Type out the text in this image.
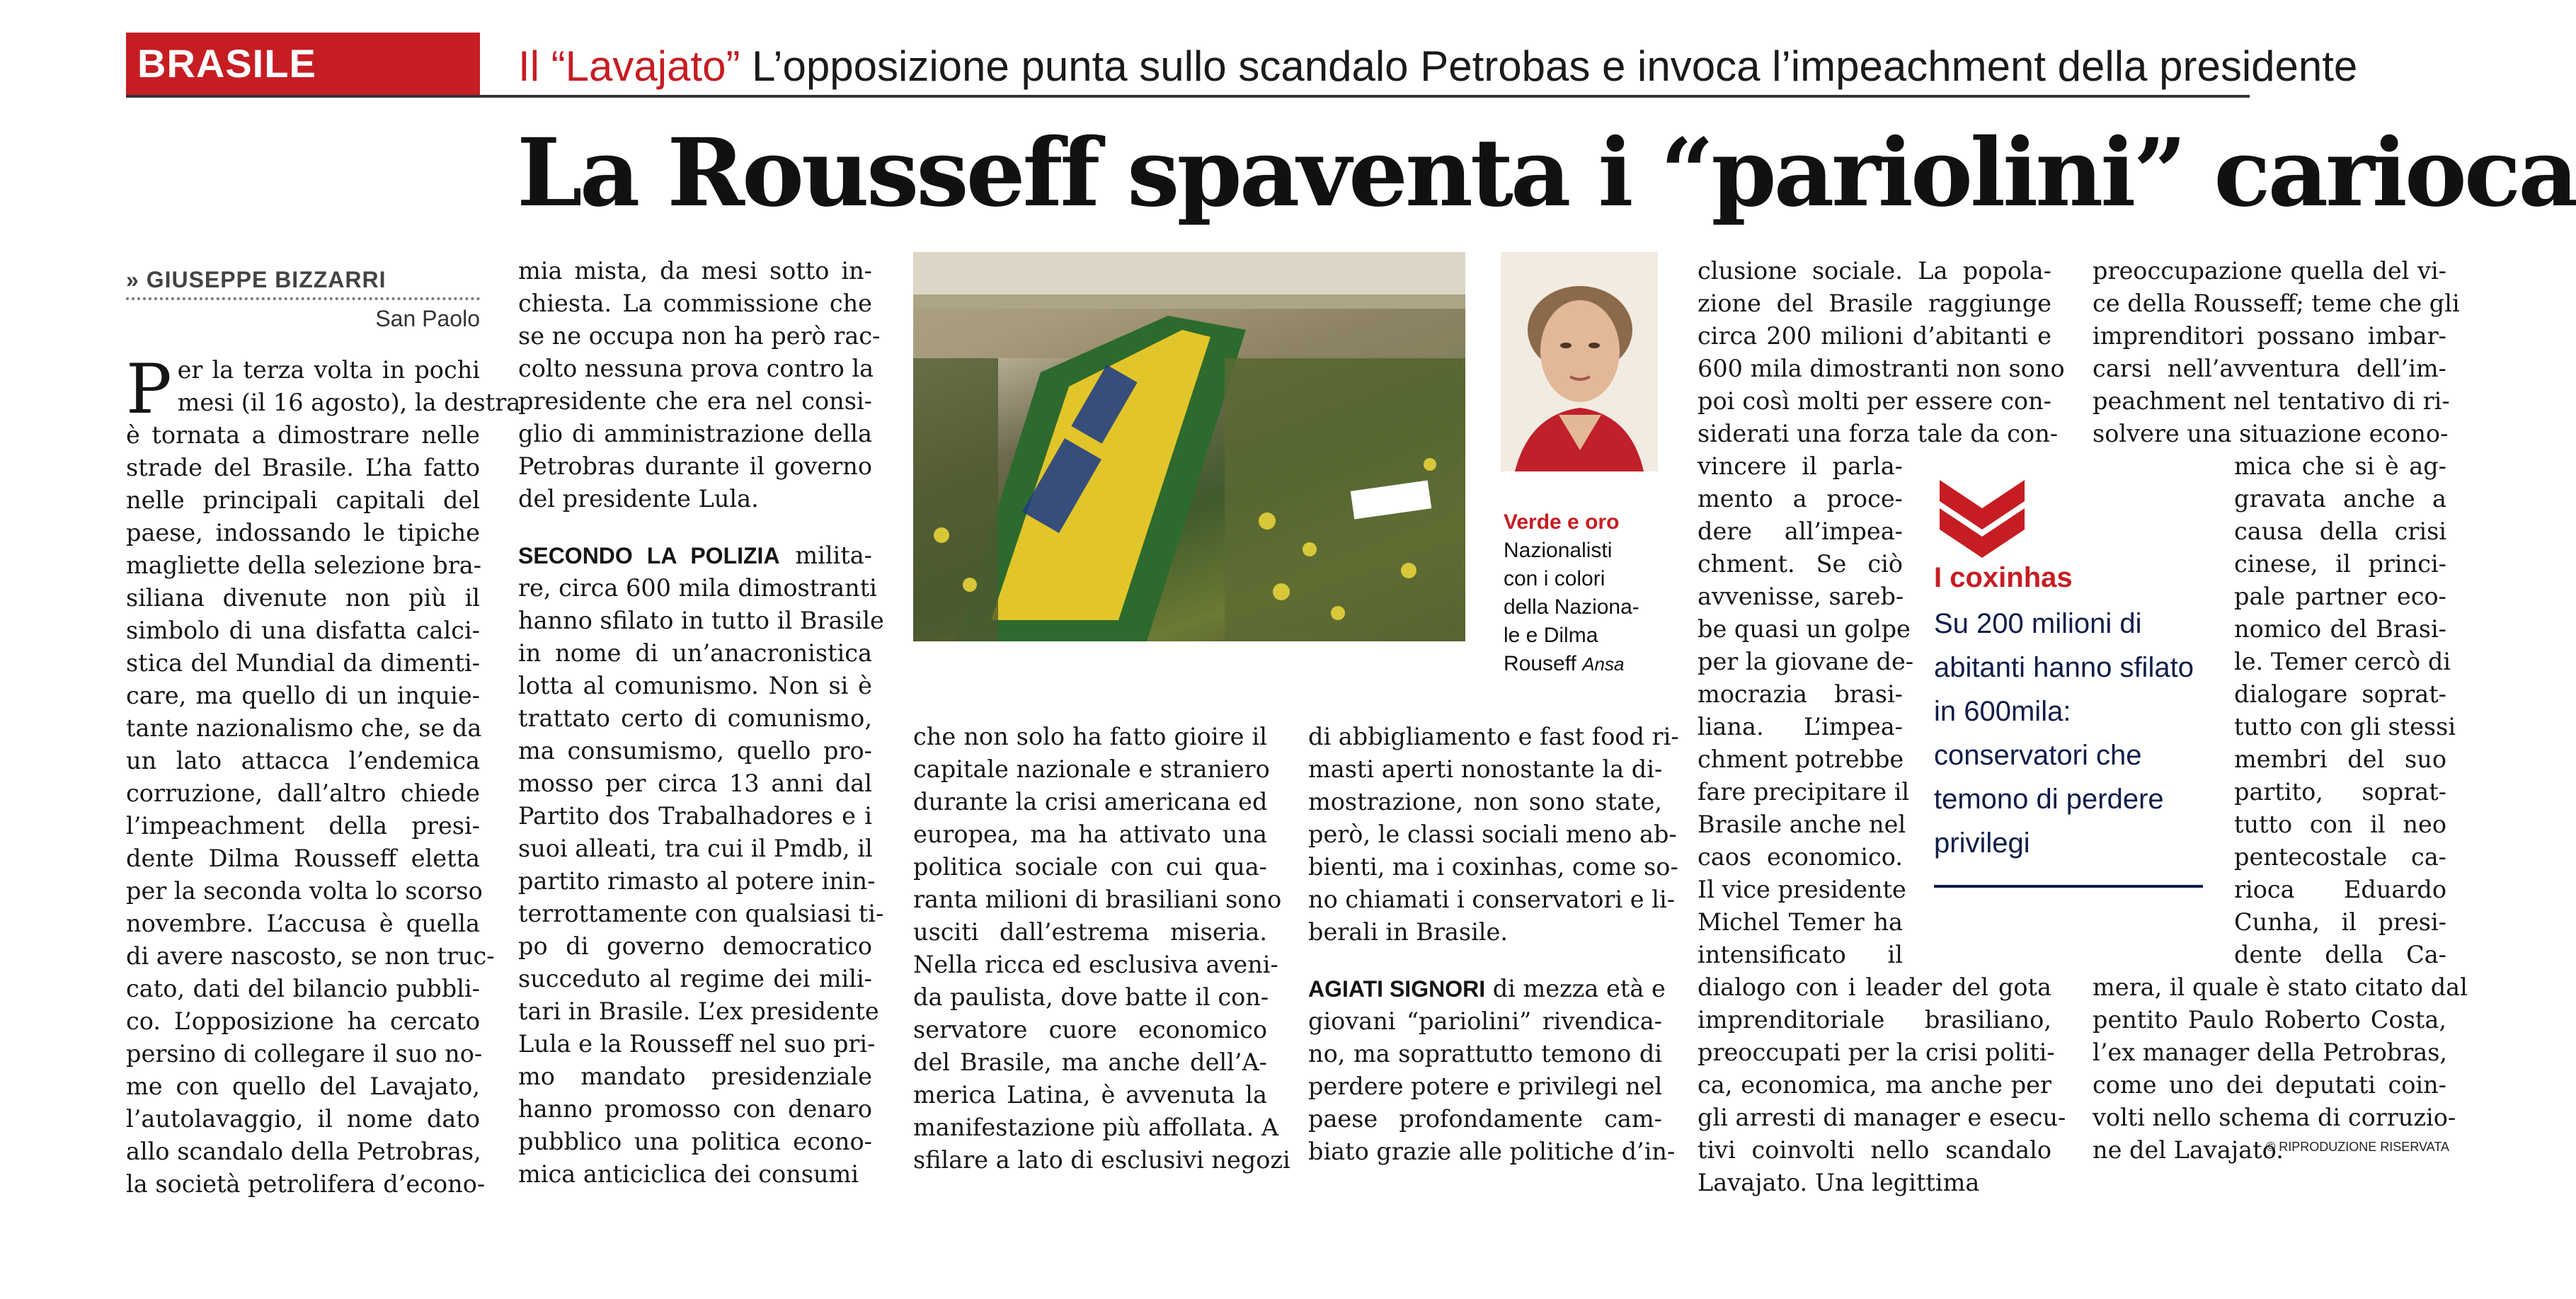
BRASILE	Il “Lavajato” L’opposizione punta sullo scandalo Petrobas e invoca l’impeachment della presidente
La Rousseff spaventa i “pariolini” carioca
» GIUSEPPE BIZZARRI
San Paolo
P er la terza volta in pochi
mesi (il 16 agosto), la destra
è tornata a dimostrare nelle
strade del Brasile. L’ha fatto
nelle principali capitali del
paese, indossando le tipiche
magliette della selezione bra-
siliana divenute non più il
simbolo di una disfatta calci-
stica del Mundial da dimenti-
care, ma quello di un inquie-
tante nazionalismo che, se da
un lato attacca l’endemica
corruzione, dall’altro chiede
l’impeachment della presi-
dente Dilma Rousseff eletta
per la seconda volta lo scorso
novembre. L’accusa è quella
di avere nascosto, se non truc-
cato, dati del bilancio pubbli-
co. L’opposizione ha cercato
persino di collegare il suo no-
me con quello del Lavajato,
l’autolavaggio, il nome dato
allo scandalo della Petrobras,
la società petrolifera d’econo-
mia mista, da mesi sotto in-
chiesta. La commissione che
se ne occupa non ha però rac-
colto nessuna prova contro la
presidente che era nel consi-
glio di amministrazione della
Petrobras durante il governo
del presidente Lula.
SECONDO LA POLIZIA milita-
re, circa 600 mila dimostranti
hanno sfilato in tutto il Brasile
in nome di un’anacronistica
lotta al comunismo. Non si è
trattato certo di comunismo,
ma consumismo, quello pro-
mosso per circa 13 anni dal
Partito dos Trabalhadores e i
suoi alleati, tra cui il Pmdb, il
partito rimasto al potere inin-
terrottamente con qualsiasi ti-
po di governo democratico
succeduto al regime dei mili-
tari in Brasile. L’ex presidente
Lula e la Rousseff nel suo pri-
mo mandato presidenziale
hanno promosso con denaro
pubblico una politica econo-
mica anticiclica dei consumi
Verde e oro
Nazionalisti
con i colori
della Naziona-
le e Dilma
Rouseff Ansa
che non solo ha fatto gioire il
capitale nazionale e straniero
durante la crisi americana ed
europea, ma ha attivato una
politica sociale con cui qua-
ranta milioni di brasiliani sono
usciti dall’estrema miseria.
Nella ricca ed esclusiva aveni-
da paulista, dove batte il con-
servatore cuore economico
del Brasile, ma anche dell’A-
merica Latina, è avvenuta la
manifestazione più affollata. A
sfilare a lato di esclusivi negozi
di abbigliamento e fast food ri-
masti aperti nonostante la di-
mostrazione, non sono state,
però, le classi sociali meno ab-
bienti, ma i coxinhas, come so-
no chiamati i conservatori e li-
berali in Brasile.
AGIATI SIGNORI di mezza età e
giovani “pariolini” rivendica-
no, ma soprattutto temono di
perdere potere e privilegi nel
paese profondamente cam-
biato grazie alle politiche d’in-
clusione sociale. La popola-
zione del Brasile raggiunge
circa 200 milioni d’abitanti e
600 mila dimostranti non sono
poi così molti per essere con-
siderati una forza tale da con-
vincere il parla-
mento a proce-
dere all’impea-
chment. Se ciò
avvenisse, sareb-
be quasi un golpe
per la giovane de-
mocrazia brasi-
liana. L’impea-
chment potrebbe
fare precipitare il
Brasile anche nel
caos economico.
Il vice presidente
Michel Temer ha
intensificato il
dialogo con i leader del gota
imprenditoriale brasiliano,
preoccupati per la crisi politi-
ca, economica, ma anche per
gli arresti di manager e esecu-
tivi coinvolti nello scandalo
Lavajato. Una legittima
preoccupazione quella del vi-
ce della Rousseff; teme che gli
imprenditori possano imbar-
carsi nell’avventura dell’im-
peachment nel tentativo di ri-
solvere una situazione econo-
mica che si è ag-
gravata anche a
causa della crisi
cinese, il princi-
pale partner eco-
nomico del Brasi-
le. Temer cercò di
dialogare soprat-
tutto con gli stessi
membri del suo
partito, soprat-
tutto con il neo
pentecostale ca-
rioca Eduardo
Cunha, il presi-
dente della Ca-
mera, il quale è stato citato dal
pentito Paulo Roberto Costa,
l’ex manager della Petrobras,
come uno dei deputati coin-
volti nello schema di corruzio-
ne del Lavajato.
I coxinhas
Su 200 milioni di abitanti hanno sfilato in 600mila: conservatori che temono di perdere privilegi
© RIPRODUZIONE RISERVATA
